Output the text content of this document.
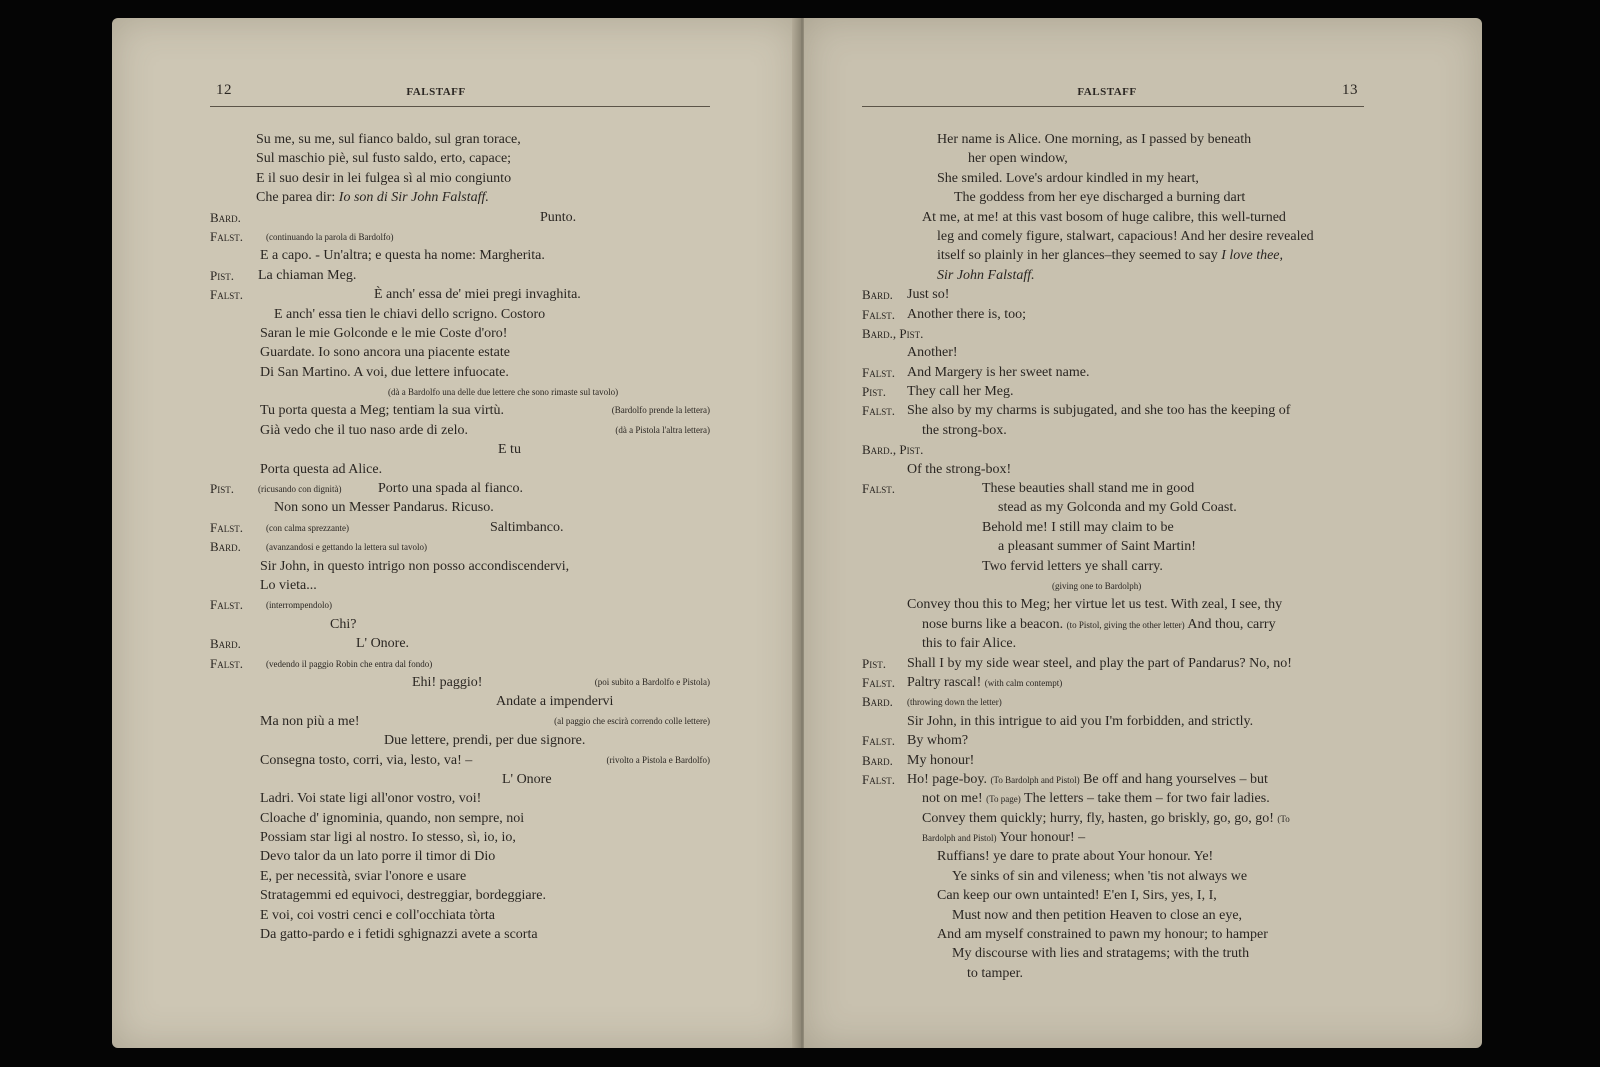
12	FALSTAFF
Su me, su me, sul fianco baldo, sul gran torace,
Sul maschio piè, sul fusto saldo, erto, capace;
E il suo desir in lei fulgea sì al mio congiunto
Che parea dir: Io son di Sir John Falstaff.
Bard.	Punto.
Falst.	(continuando la parola di Bardolfo)
E a capo. - Un'altra; e questa ha nome: Margherita.
Pist. La chiaman Meg.
Falst.	È anch' essa de' miei pregi invaghita.
E anch' essa tien le chiavi dello scrigno. Costoro
Saran le mie Golconde e le mie Coste d'oro!
Guardate. Io sono ancora una piacente estate
Di San Martino. A voi, due lettere infuocate.
(dà a Bardolfo una delle due lettere che sono rimaste sul tavolo)
Tu porta questa a Meg; tentiam la sua virtù.	(Bardolfo prende la lettera)
Già vedo che il tuo naso arde di zelo.	(dà a Pistola l'altra lettera)
E tu
Porta questa ad Alice.
Pist.	(ricusando con dignità)	Porto una spada al fianco.
Non sono un Messer Pandarus. Ricuso.
Falst.	(con calma sprezzante)	Saltimbanco.
Bard.	(avanzandosi e gettando la lettera sul tavolo)
Sir John, in questo intrigo non posso accondiscendervi,
Lo vieta...
Falst.	(interrompendolo)
Chi?
Bard.	L' Onore.
Falst.	(vedendo il paggio Robin che entra dal fondo)
Ehi! paggio!	(poi subito a Bardolfo e Pistola)
Andate a impendervi
Ma non più a me!	(al paggio che escirà correndo colle lettere)
Due lettere, prendi, per due signore.
Consegna tosto, corri, via, lesto, va! –	(rivolto a Pistola e Bardolfo)
L' Onore
Ladri. Voi state ligi all'onor vostro, voi!
Cloache d' ignominia, quando, non sempre, noi
Possiam star ligi al nostro. Io stesso, sì, io, io,
Devo talor da un lato porre il timor di Dio
E, per necessità, sviar l'onore e usare
Stratagemmi ed equivoci, destreggiar, bordeggiare.
E voi, coi vostri cenci e coll'occhiata tòrta
Da gatto-pardo e i fetidi sghignazzi avete a scorta
FALSTAFF	13
Her name is Alice. One morning, as I passed by beneath
her open window,
She smiled. Love's ardour kindled in my heart,
The goddess from her eye discharged a burning dart
At me, at me! at this vast bosom of huge calibre, this well-turned
leg and comely figure, stalwart, capacious! And her desire revealed
itself so plainly in her glances–they seemed to say I love thee,
Sir John Falstaff.
Bard. Just so!
Falst. Another there is, too;
Bard., Pist.
Another!
Falst. And Margery is her sweet name.
Pist. They call her Meg.
Falst. She also by my charms is subjugated, and she too has the keeping of
the strong-box.
Bard., Pist.
Of the strong-box!
Falst.	These beauties shall stand me in good
stead as my Golconda and my Gold Coast.
Behold me! I still may claim to be
a pleasant summer of Saint Martin!
Two fervid letters ye shall carry.
(giving one to Bardolph)
Convey thou this to Meg; her virtue let us test. With zeal, I see, thy
nose burns like a beacon. (to Pistol, giving the other letter) And thou, carry
this to fair Alice.
Pist. Shall I by my side wear steel, and play the part of Pandarus? No, no!
Falst. Paltry rascal! (with calm contempt)
Bard. (throwing down the letter)
Sir John, in this intrigue to aid you I'm forbidden, and strictly.
Falst. By whom?
Bard. My honour!
Falst. Ho! page-boy. (To Bardolph and Pistol) Be off and hang yourselves – but
not on me! (To page) The letters – take them – for two fair ladies.
Convey them quickly; hurry, fly, hasten, go briskly, go, go, go! (To
Bardolph and Pistol) Your honour! –
Ruffians! ye dare to prate about Your honour. Ye!
Ye sinks of sin and vileness; when 'tis not always we
Can keep our own untainted! E'en I, Sirs, yes, I, I,
Must now and then petition Heaven to close an eye,
And am myself constrained to pawn my honour; to hamper
My discourse with lies and stratagems; with the truth
to tamper.
